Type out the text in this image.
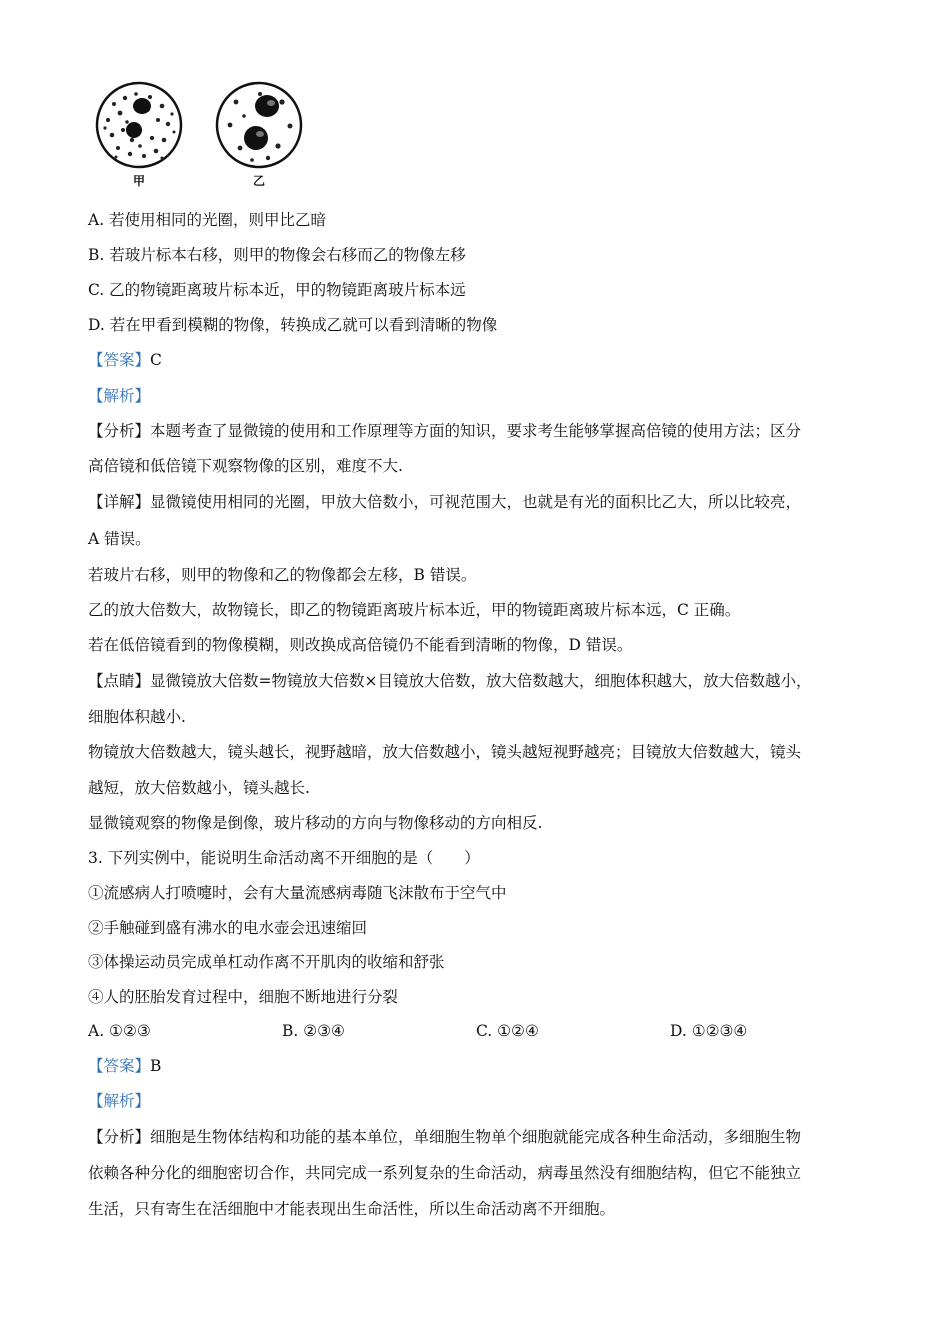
甲	乙
A. 若使用相同的光圈，则甲比乙暗
B. 若玻片标本右移，则甲的物像会右移而乙的物像左移
C. 乙的物镜距离玻片标本近，甲的物镜距离玻片标本远
D. 若在甲看到模糊的物像，转换成乙就可以看到清晰的物像
【答案】C
【解析】
【分析】本题考查了显微镜的使用和工作原理等方面的知识，要求考生能够掌握高倍镜的使用方法；区分
高倍镜和低倍镜下观察物像的区别，难度不大.
【详解】显微镜使用相同的光圈，甲放大倍数小，可视范围大，也就是有光的面积比乙大，所以比较亮，
A 错误。
若玻片右移，则甲的物像和乙的物像都会左移，B 错误。
乙的放大倍数大，故物镜长，即乙的物镜距离玻片标本近，甲的物镜距离玻片标本远，C 正确。
若在低倍镜看到的物像模糊，则改换成高倍镜仍不能看到清晰的物像，D 错误。
【点睛】显微镜放大倍数=物镜放大倍数×目镜放大倍数，放大倍数越大，细胞体积越大，放大倍数越小，
细胞体积越小.
物镜放大倍数越大，镜头越长，视野越暗，放大倍数越小，镜头越短视野越亮；目镜放大倍数越大，镜头
越短，放大倍数越小，镜头越长.
显微镜观察的物像是倒像，玻片移动的方向与物像移动的方向相反.
3. 下列实例中，能说明生命活动离不开细胞的是（　　）
①流感病人打喷嚏时，会有大量流感病毒随飞沫散布于空气中
②手触碰到盛有沸水的电水壶会迅速缩回
③体操运动员完成单杠动作离不开肌肉的收缩和舒张
④人的胚胎发育过程中，细胞不断地进行分裂
A. ①②③	B. ②③④	C. ①②④	D. ①②③④
【答案】B
【解析】
【分析】细胞是生物体结构和功能的基本单位，单细胞生物单个细胞就能完成各种生命活动，多细胞生物
依赖各种分化的细胞密切合作，共同完成一系列复杂的生命活动，病毒虽然没有细胞结构，但它不能独立
生活，只有寄生在活细胞中才能表现出生命活性，所以生命活动离不开细胞。
